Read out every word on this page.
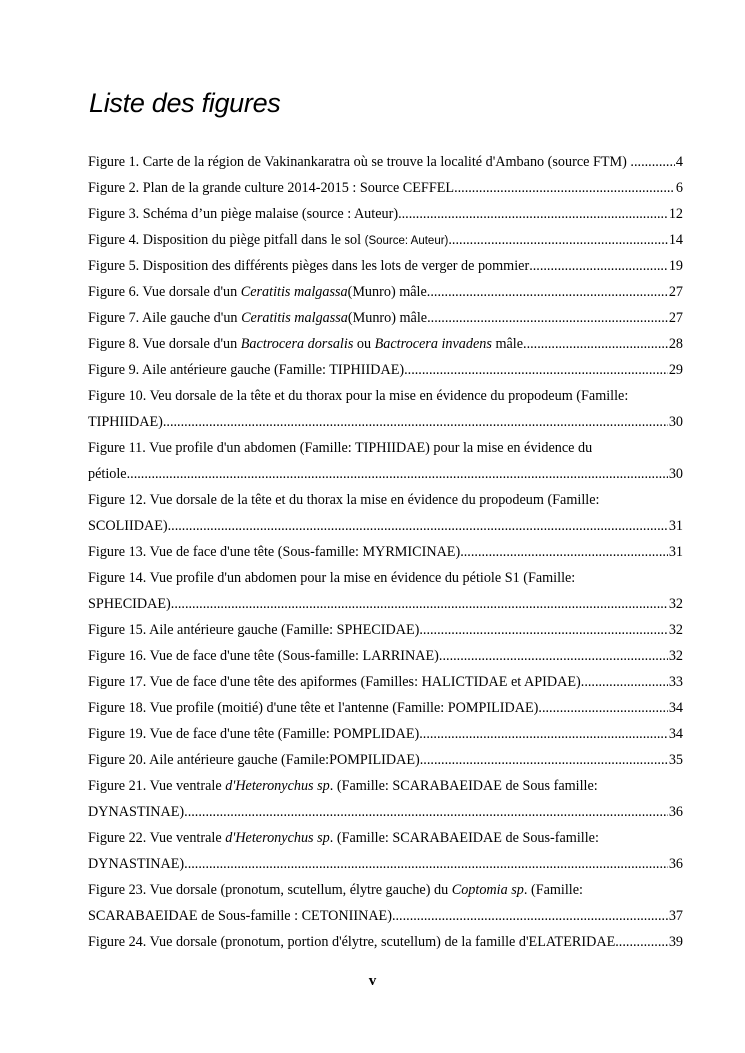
Liste des figures
Figure 1. Carte de la région de Vakinankaratra où se trouve la localité d'Ambano (source FTM) .. .....	4
Figure 2. Plan de la grande culture 2014-2015 : Source CEFFEL .....	6
Figure 3. Schéma d’un piège malaise (source : Auteur) .....	12
Figure 4. Disposition du piège pitfall dans le sol (Source: Auteur) .....	14
Figure 5. Disposition des différents pièges dans les lots de verger de pommier .....	19
Figure 6. Vue dorsale d'un Ceratitis malgassa(Munro) mâle .....	27
Figure 7. Aile gauche d'un Ceratitis malgassa(Munro) mâle .....	27
Figure 8. Vue dorsale d'un Bactrocera dorsalis ou Bactrocera invadens mâle .....	28
Figure 9. Aile antérieure gauche (Famille: TIPHIIDAE) .....	29
Figure 10. Veu dorsale de la tête et du thorax pour la mise en évidence du propodeum (Famille:
TIPHIIDAE) .....	30
Figure 11. Vue profile d'un abdomen (Famille: TIPHIIDAE) pour la mise en évidence du
pétiole .....	30
Figure 12. Vue dorsale de la tête et du thorax la mise en évidence du propodeum (Famille:
SCOLIIDAE) .....	31
Figure 13. Vue de face d'une tête (Sous-famille: MYRMICINAE) .....	31
Figure 14. Vue profile d'un abdomen pour la mise en évidence du pétiole S1 (Famille:
SPHECIDAE) .....	32
Figure 15. Aile antérieure gauche (Famille: SPHECIDAE) .....	32
Figure 16. Vue de face d'une tête (Sous-famille: LARRINAE) .....	32
Figure 17. Vue de face d'une tête des apiformes (Familles: HALICTIDAE et APIDAE) .....	33
Figure 18. Vue profile (moitié) d'une tête et l'antenne (Famille: POMPILIDAE) .....	34
Figure 19. Vue de face d'une tête (Famille: POMPLIDAE) .....	34
Figure 20. Aile antérieure gauche (Famile:POMPILIDAE) .....	35
Figure 21. Vue ventrale d'Heteronychus sp. (Famille: SCARABAEIDAE de Sous famille:
DYNASTINAE) .....	36
Figure 22. Vue ventrale d'Heteronychus sp. (Famille: SCARABAEIDAE de Sous-famille:
DYNASTINAE) .....	36
Figure 23. Vue dorsale (pronotum, scutellum, élytre gauche) du Coptomia sp. (Famille:
SCARABAEIDAE de Sous-famille : CETONIINAE) .....	37
Figure 24. Vue dorsale (pronotum, portion d'élytre, scutellum) de la famille d'ELATERIDAE .....	39
v
